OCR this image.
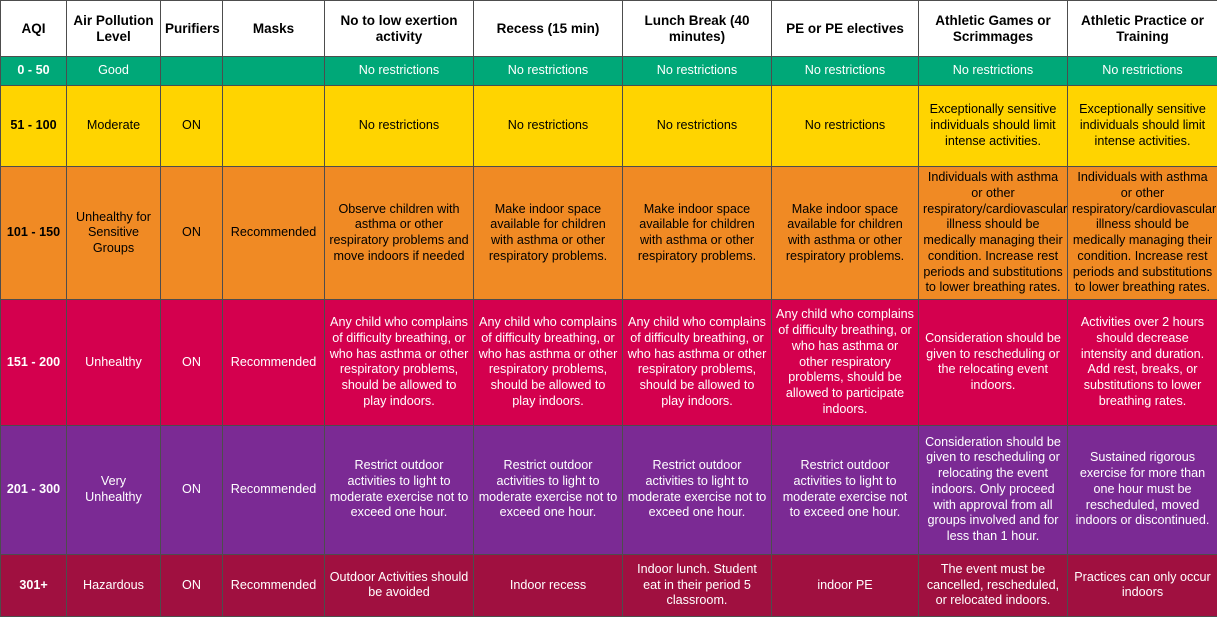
AQI	Air Pollution Level	Purifiers	Masks	No to low exertion activity	Recess (15 min)	Lunch Break (40 minutes)	PE or PE electives	Athletic Games or Scrimmages	Athletic Practice or Training
0 - 50	Good			No restrictions	No restrictions	No restrictions	No restrictions	No restrictions	No restrictions
51 - 100	Moderate	ON		No restrictions	No restrictions	No restrictions	No restrictions	Exceptionally sensitive individuals should limit intense activities.	Exceptionally sensitive individuals should limit intense activities.
101 - 150	Unhealthy for Sensitive Groups	ON	Recommended	Observe children with asthma or other respiratory problems and move indoors if needed	Make indoor space available for children with asthma or other respiratory problems.	Make indoor space available for children with asthma or other respiratory problems.	Make indoor space available for children with asthma or other respiratory problems.	Individuals with asthma or other respiratory/cardiovascular illness should be medically managing their condition. Increase rest periods and substitutions to lower breathing rates.	Individuals with asthma or other respiratory/cardiovascular illness should be medically managing their condition. Increase rest periods and substitutions to lower breathing rates.
151 - 200	Unhealthy	ON	Recommended	Any child who complains of difficulty breathing, or who has asthma or other respiratory problems, should be allowed to play indoors.	Any child who complains of difficulty breathing, or who has asthma or other respiratory problems, should be allowed to play indoors.	Any child who complains of difficulty breathing, or who has asthma or other respiratory problems, should be allowed to play indoors.	Any child who complains of difficulty breathing, or who has asthma or other respiratory problems, should be allowed to participate indoors.	Consideration should be given to rescheduling or the relocating event indoors.	Activities over 2 hours should decrease intensity and duration. Add rest, breaks, or substitutions to lower breathing rates.
201 - 300	Very Unhealthy	ON	Recommended	Restrict outdoor activities to light to moderate exercise not to exceed one hour.	Restrict outdoor activities to light to moderate exercise not to exceed one hour.	Restrict outdoor activities to light to moderate exercise not to exceed one hour.	Restrict outdoor activities to light to moderate exercise not to exceed one hour.	Consideration should be given to rescheduling or relocating the event indoors. Only proceed with approval from all groups involved and for less than 1 hour.	Sustained rigorous exercise for more than one hour must be rescheduled, moved indoors or discontinued.
301+	Hazardous	ON	Recommended	Outdoor Activities should be avoided	Indoor recess	Indoor lunch. Student eat in their period 5 classroom.	indoor PE	The event must be cancelled, rescheduled, or relocated indoors.	Practices can only occur indoors
